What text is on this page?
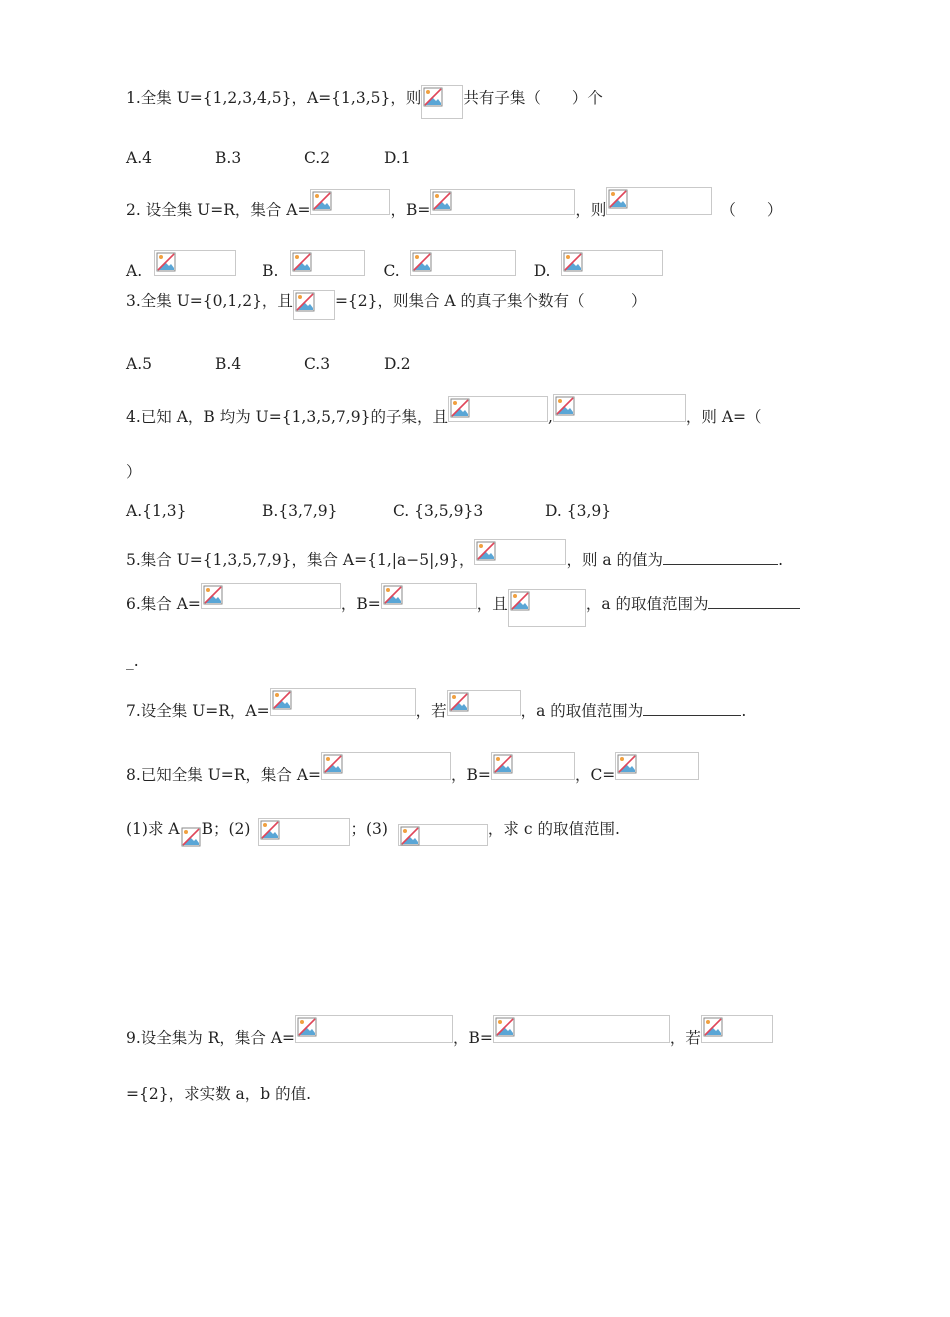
1.全集 U={1,2,3,4,5}，A={1,3,5}，则	共有子集（　　）个
A.4	B.3	C.2	D.1
2. 设全集 U=R，集合 A=	，B=	，则	（　　）
A.	B.	C.	D.
3.全集 U={0,1,2}，且	={2}，则集合 A 的真子集个数有（　　　）
A.5	B.4	C.3	D.2
4.已知 A，B 均为 U={1,3,5,7,9}的子集，且	,	，则 A=（
）
A.{1,3}	B.{3,7,9}	C. {3,5,9}3	D. {3,9}
5.集合 U={1,3,5,7,9}，集合 A={1,|a−5|,9}，	，则 a 的值为	.
6.集合 A=	，B=	，且	，a 的取值范围为
_.
7.设全集 U=R，A=	，若	，a 的取值范围为	.
8.已知全集 U=R，集合 A=	，B=	，C=
(1)求 A B；(2)	；(3)	，求 c 的取值范围.
9.设全集为 R，集合 A=	，B=	，若
={2}，求实数 a，b 的值.
